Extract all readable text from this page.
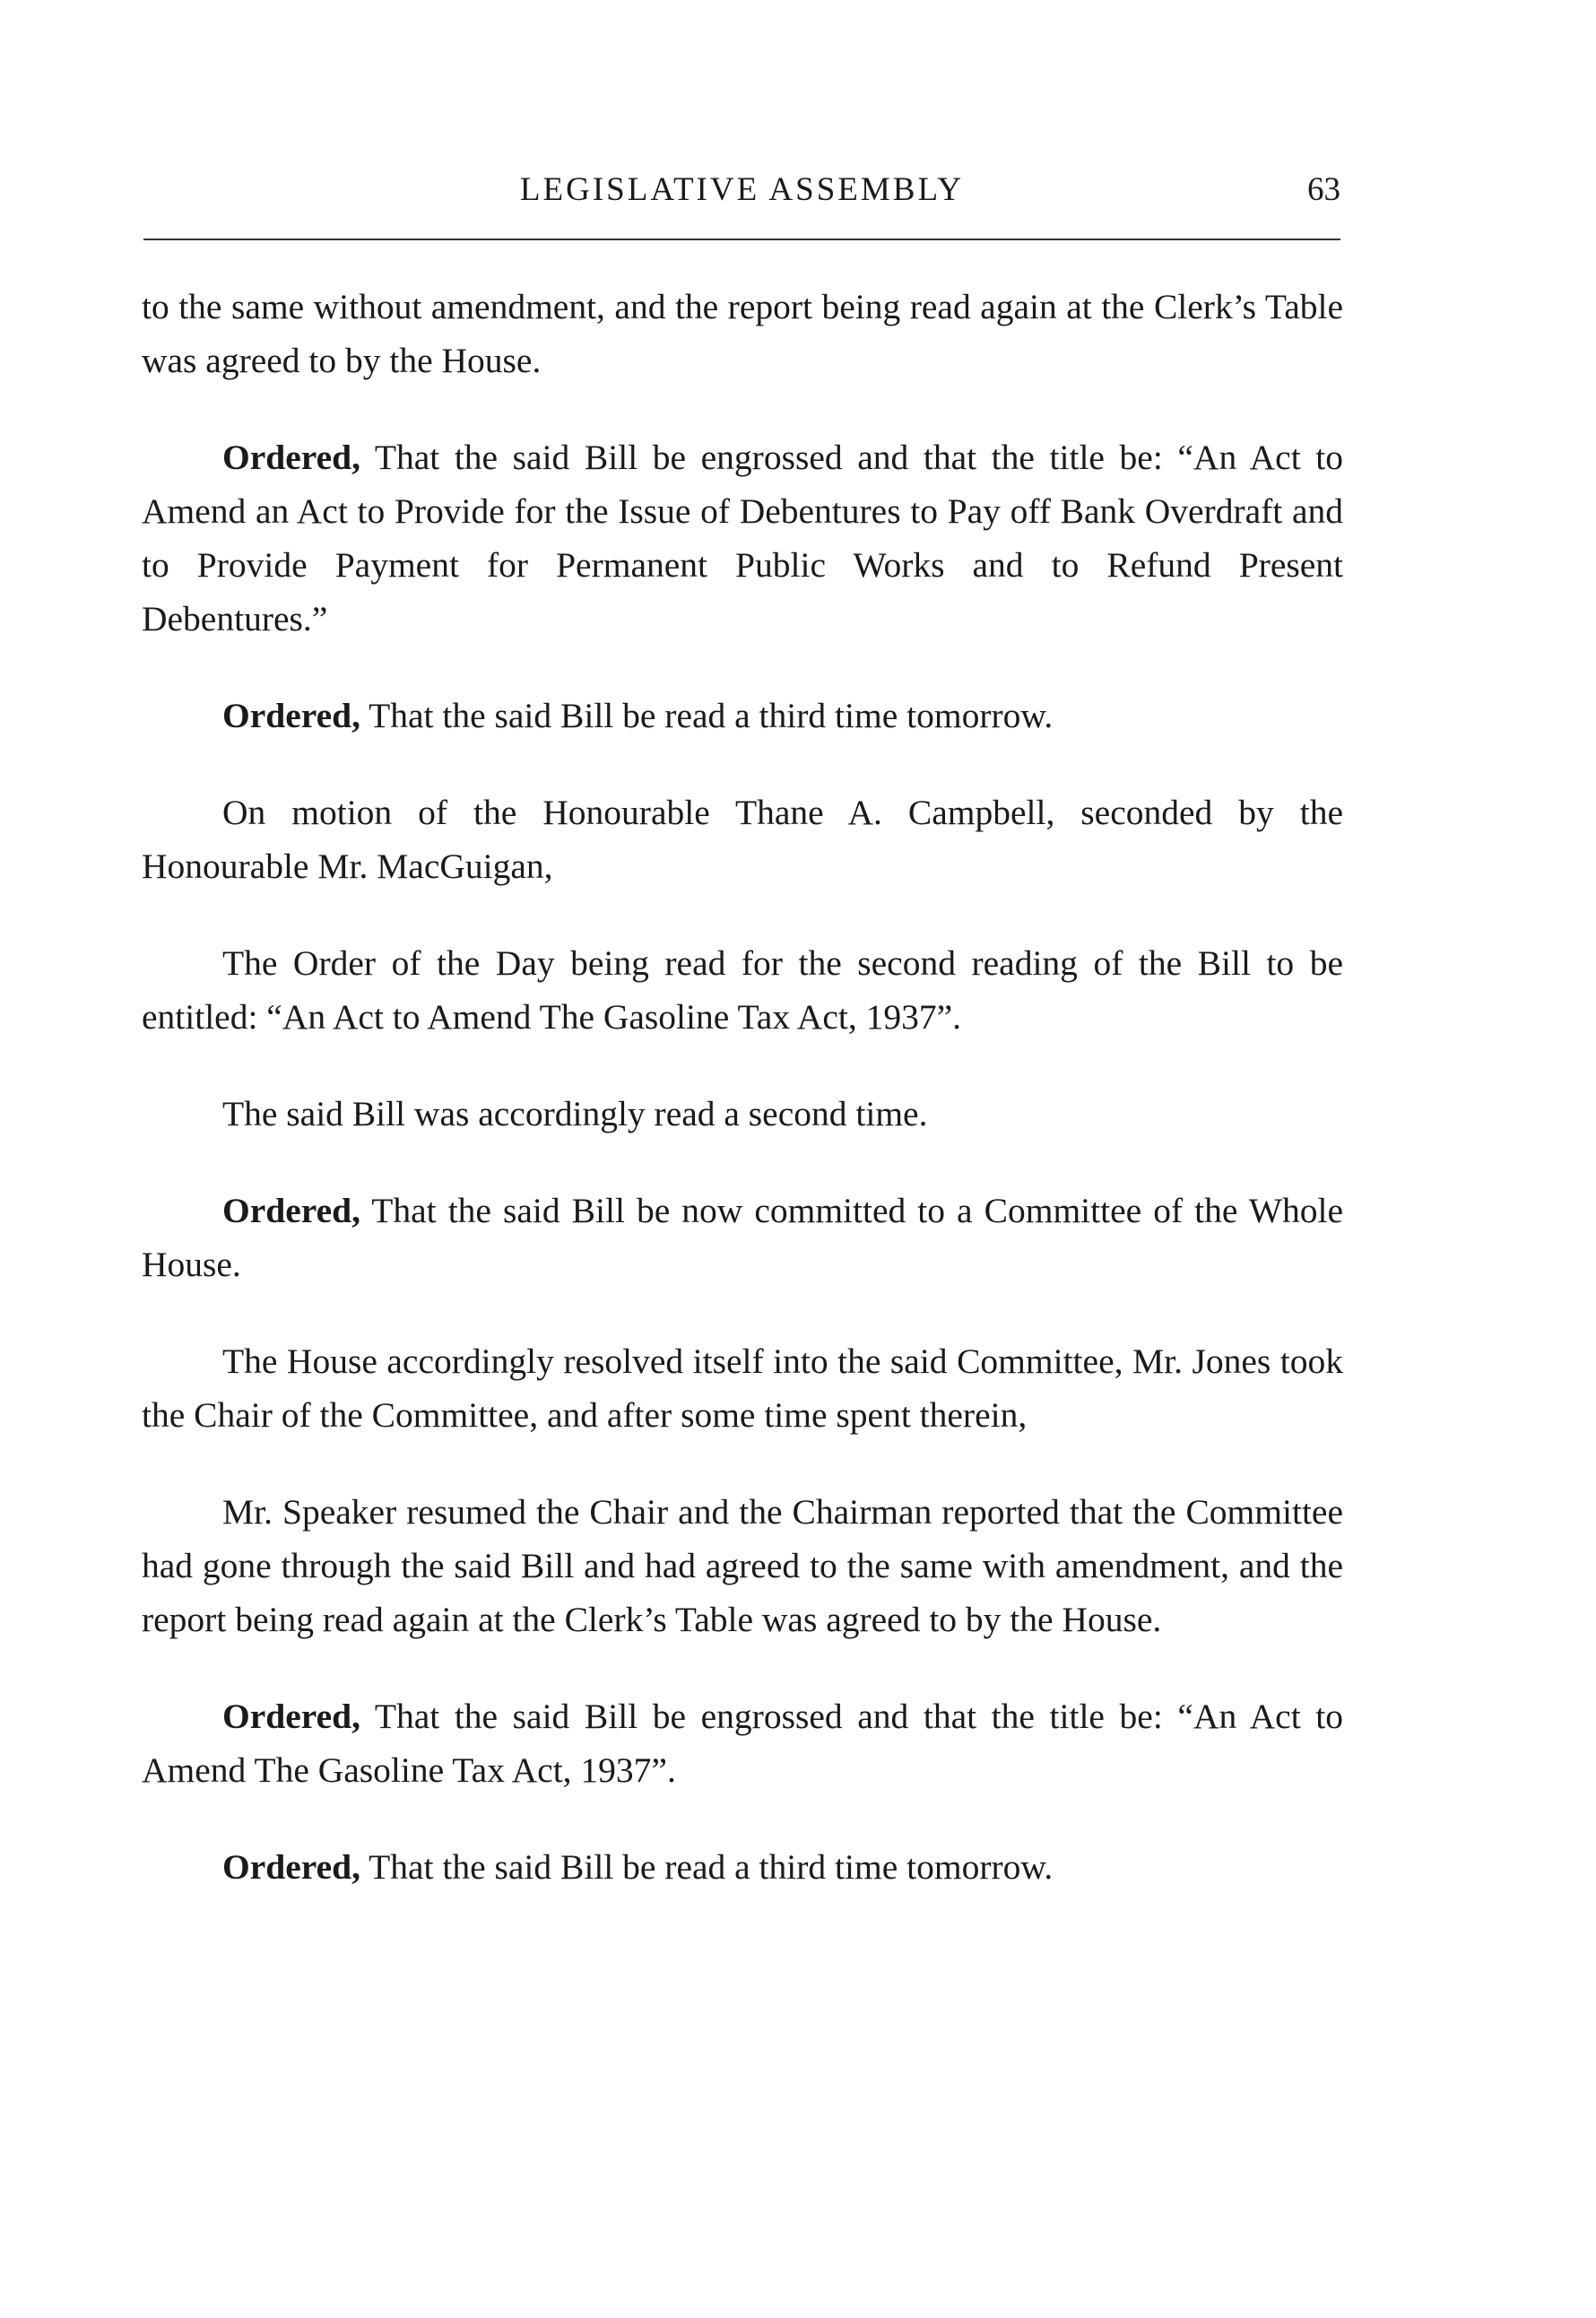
LEGISLATIVE ASSEMBLY	63

to the same without amendment, and the report being read again at the Clerk’s Table was agreed to by the House.

Ordered, That the said Bill be engrossed and that the title be: “An Act to Amend an Act to Provide for the Issue of Debentures to Pay off Bank Overdraft and to Provide Payment for Permanent Public Works and to Refund Present Debentures.”

Ordered, That the said Bill be read a third time tomorrow.

On motion of the Honourable Thane A. Campbell, seconded by the Honourable Mr. MacGuigan,

The Order of the Day being read for the second reading of the Bill to be entitled: “An Act to Amend The Gasoline Tax Act, 1937”.

The said Bill was accordingly read a second time.

Ordered, That the said Bill be now committed to a Committee of the Whole House.

The House accordingly resolved itself into the said Committee, Mr. Jones took the Chair of the Committee, and after some time spent therein,

Mr. Speaker resumed the Chair and the Chairman reported that the Committee had gone through the said Bill and had agreed to the same with amendment, and the report being read again at the Clerk’s Table was agreed to by the House.

Ordered, That the said Bill be engrossed and that the title be: “An Act to Amend The Gasoline Tax Act, 1937”.

Ordered, That the said Bill be read a third time tomorrow.
